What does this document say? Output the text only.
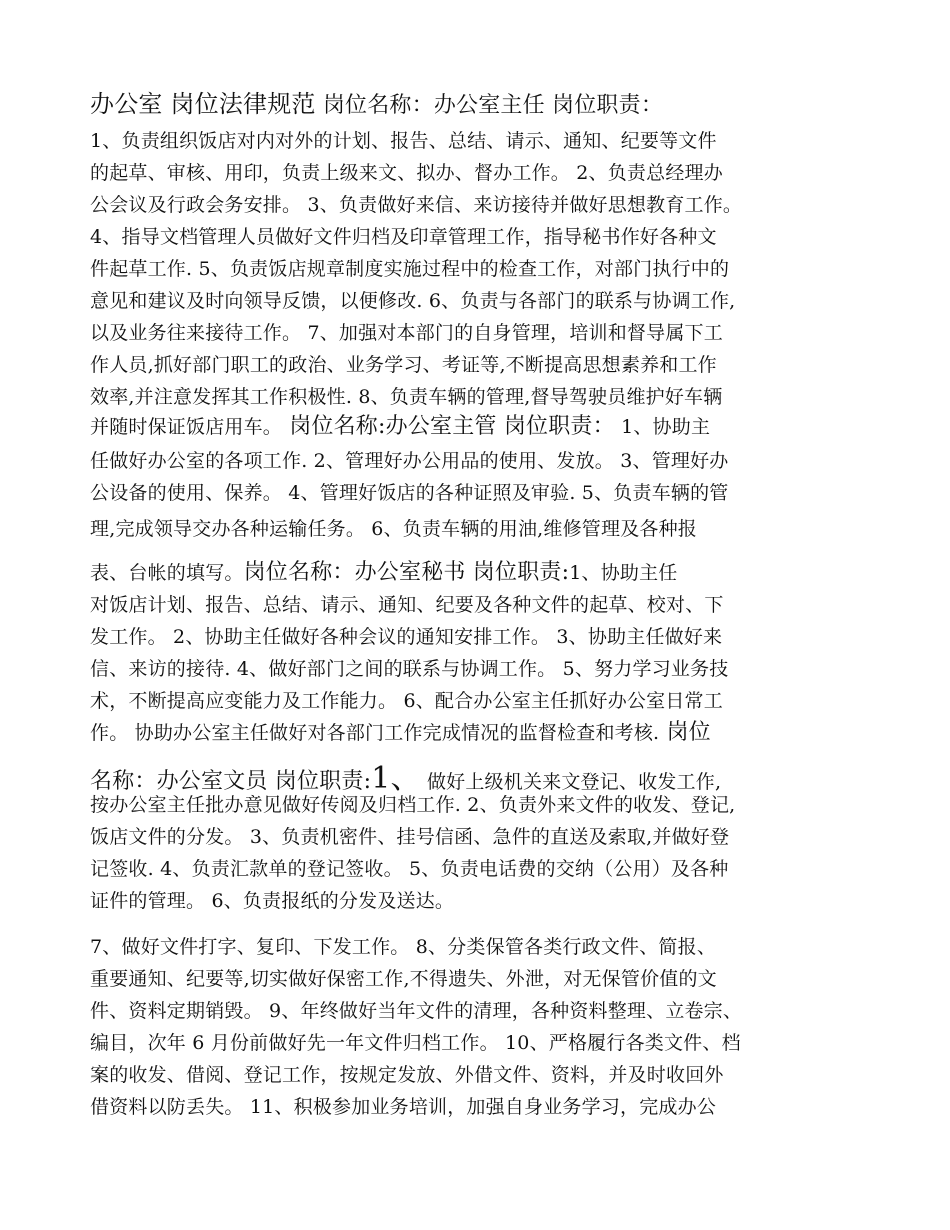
办公室 岗位法律规范 岗位名称：办公室主任 岗位职责：
1、负责组织饭店对内对外的计划、报告、总结、请示、通知、纪要等文件
的起草、审核、用印，负责上级来文、拟办、督办工作。 2、负责总经理办
公会议及行政会务安排。 3、负责做好来信、来访接待并做好思想教育工作。
4、指导文档管理人员做好文件归档及印章管理工作，指导秘书作好各种文
件起草工作. 5、负责饭店规章制度实施过程中的检查工作，对部门执行中的
意见和建议及时向领导反馈，以便修改. 6、负责与各部门的联系与协调工作,
以及业务往来接待工作。 7、加强对本部门的自身管理，培训和督导属下工
作人员,抓好部门职工的政治、业务学习、考证等,不断提高思想素养和工作
效率,并注意发挥其工作积极性. 8、负责车辆的管理,督导驾驶员维护好车辆
并随时保证饭店用车。 岗位名称:办公室主管 岗位职责： 1、协助主
任做好办公室的各项工作. 2、管理好办公用品的使用、发放。 3、管理好办
公设备的使用、保养。 4、管理好饭店的各种证照及审验. 5、负责车辆的管
理,完成领导交办各种运输任务。 6、负责车辆的用油,维修管理及各种报
表、台帐的填写。岗位名称：办公室秘书 岗位职责:1、协助主任
对饭店计划、报告、总结、请示、通知、纪要及各种文件的起草、校对、下
发工作。 2、协助主任做好各种会议的通知安排工作。 3、协助主任做好来
信、来访的接待. 4、做好部门之间的联系与协调工作。 5、努力学习业务技
术，不断提高应变能力及工作能力。 6、配合办公室主任抓好办公室日常工
作。 协助办公室主任做好对各部门工作完成情况的监督检查和考核. 岗位
名称：办公室文员 岗位职责:1、 做好上级机关来文登记、收发工作,
按办公室主任批办意见做好传阅及归档工作. 2、负责外来文件的收发、登记,
饭店文件的分发。 3、负责机密件、挂号信函、急件的直送及索取,并做好登
记签收. 4、负责汇款单的登记签收。 5、负责电话费的交纳（公用）及各种
证件的管理。 6、负责报纸的分发及送达。
7、做好文件打字、复印、下发工作。 8、分类保管各类行政文件、简报、
重要通知、纪要等,切实做好保密工作,不得遗失、外泄，对无保管价值的文
件、资料定期销毁。 9、年终做好当年文件的清理，各种资料整理、立卷宗、
编目，次年 6 月份前做好先一年文件归档工作。 10、严格履行各类文件、档
案的收发、借阅、登记工作，按规定发放、外借文件、资料，并及时收回外
借资料以防丢失。 11、积极参加业务培训，加强自身业务学习，完成办公
